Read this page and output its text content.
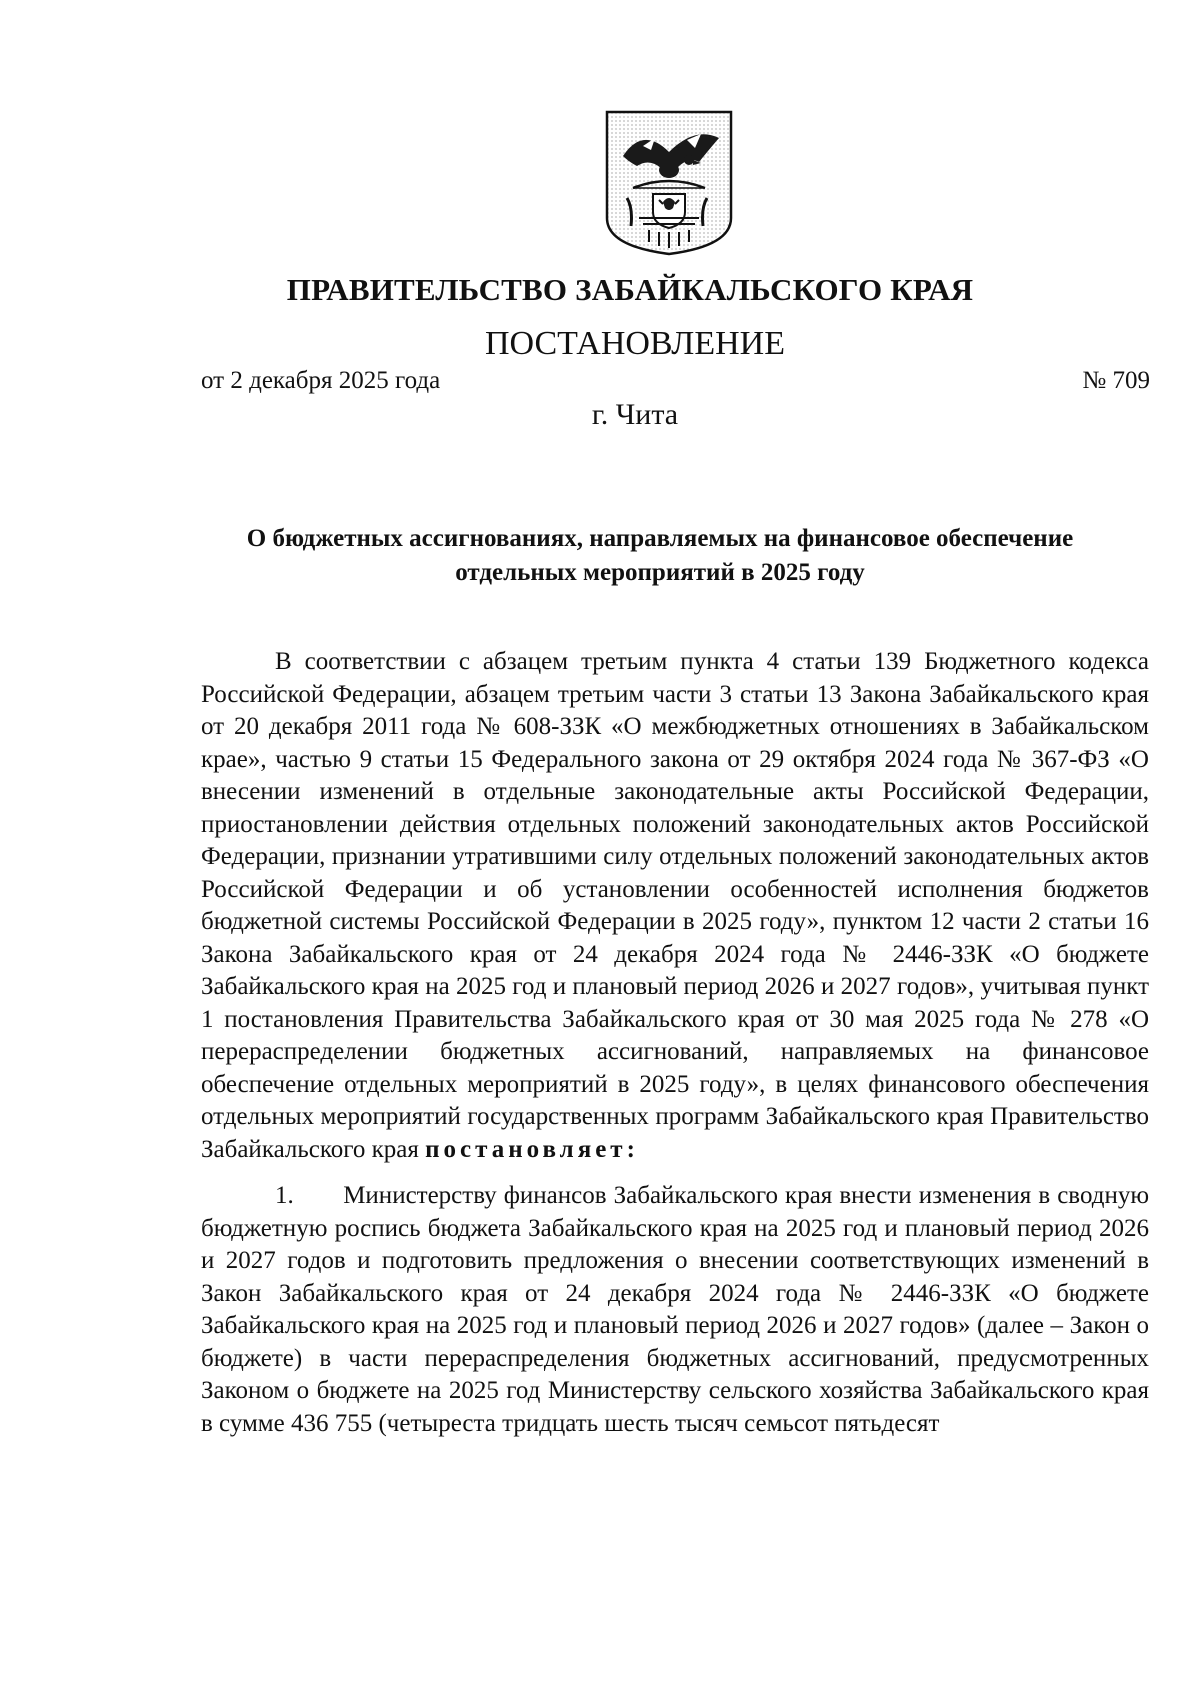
ПРАВИТЕЛЬСТВО ЗАБАЙКАЛЬСКОГО КРАЯ
ПОСТАНОВЛЕНИЕ
от 2 декабря 2025 года	№ 709
г. Чита
О бюджетных ассигнованиях, направляемых на финансовое обеспечение
отдельных мероприятий в 2025 году

В соответствии с абзацем третьим пункта 4 статьи 139 Бюджетного кодекса Российской Федерации, абзацем третьим части 3 статьи 13 Закона Забайкальского края от 20 декабря 2011 года № 608-ЗЗК «О межбюджетных отношениях в Забайкальском крае», частью 9 статьи 15 Федерального закона от 29 октября 2024 года № 367-ФЗ «О внесении изменений в отдельные законодательные акты Российской Федерации, приостановлении действия отдельных положений законодательных актов Российской Федерации, признании утратившими силу отдельных положений законодательных актов Российской Федерации и об установлении особенностей исполнения бюджетов бюджетной системы Российской Федерации в 2025 году», пунктом 12 части 2 статьи 16 Закона Забайкальского края от 24 декабря 2024 года № 2446-ЗЗК «О бюджете Забайкальского края на 2025 год и плановый период 2026 и 2027 годов», учитывая пункт 1 постановления Правительства Забайкальского края от 30 мая 2025 года № 278 «О перераспределении бюджетных ассигнований, направляемых на финансовое обеспечение отдельных мероприятий в 2025 году», в целях финансового обеспечения отдельных мероприятий государственных программ Забайкальского края Правительство Забайкальского края постановляет:

1. Министерству финансов Забайкальского края внести изменения в сводную бюджетную роспись бюджета Забайкальского края на 2025 год и плановый период 2026 и 2027 годов и подготовить предложения о внесении соответствующих изменений в Закон Забайкальского края от 24 декабря 2024 года № 2446-ЗЗК «О бюджете Забайкальского края на 2025 год и плановый период 2026 и 2027 годов» (далее – Закон о бюджете) в части перераспределения бюджетных ассигнований, предусмотренных Законом о бюджете на 2025 год Министерству сельского хозяйства Забайкальского края в сумме 436 755 (четыреста тридцать шесть тысяч семьсот пятьдесят
